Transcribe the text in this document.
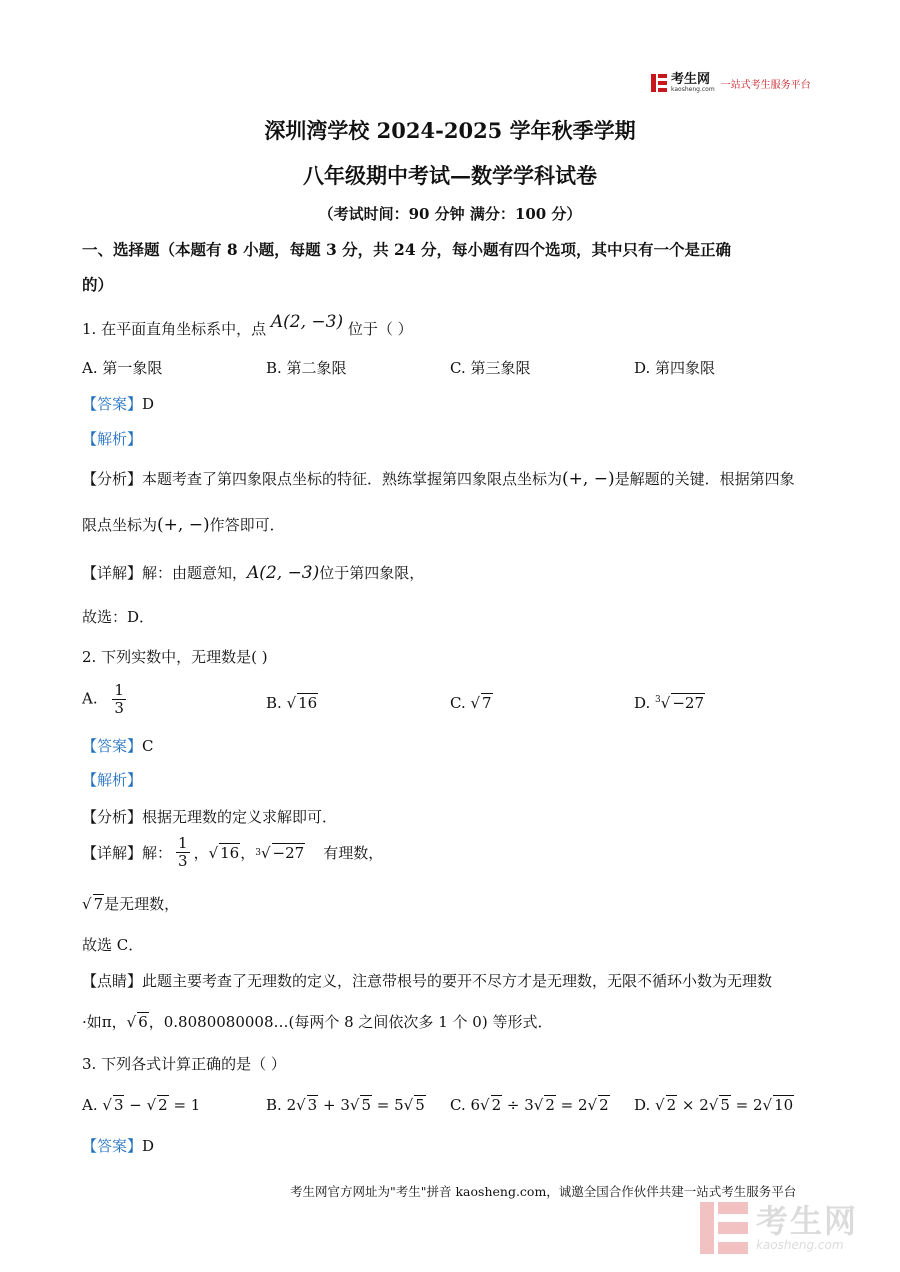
考生网
kaosheng.com 一站式考生服务平台
深圳湾学校 2024-2025 学年秋季学期
八年级期中考试—数学学科试卷
（考试时间：90 分钟 满分：100 分）
一、选择题（本题有 8 小题，每题 3 分，共 24 分，每小题有四个选项，其中只有一个是正确
的）
1. 在平面直角坐标系中，点 A(2, −3) 位于（ ）
A. 第一象限	B. 第二象限	C. 第三象限	D. 第四象限
【答案】D
【解析】
【分析】本题考查了第四象限点坐标的特征．熟练掌握第四象限点坐标为(+, −)是解题的关键．根据第四象
限点坐标为(+, −)作答即可．
【详解】解：由题意知，A(2, −3)位于第四象限，
故选：D．
2. 下列实数中，无理数是( )
A. $\frac{1}{3}$	B. √ 16	C. √ 7	D. $^3$√ −27
【答案】C
【解析】
【分析】根据无理数的定义求解即可．
【详解】 解： $\frac{1}{3}$ ，√ 16 ， 3 √ −27 有理数，
√ 7是无理数，
故选 C．
【点睛】此题主要考查了无理数的定义，注意带根号的要开不尽方才是无理数，无限不循环小数为无理数
·如π，√ 6，0.8080080008…(每两个 8 之间依次多 1 个 0) 等形式．
3. 下列各式计算正确的是（ ）
A. √ 3 − √ 2 = 1	B. 2√ 3 + 3√ 5 = 5√ 5 C. 6√ 2 ÷ 3√ 2 = 2√ 2 D. √ 2 × 2√ 5 = 2√ 10
【答案】D
考生网官方网址为"考生"拼音 kaosheng.com，诚邀全国合作伙伴共建一站式考生服务平台
考生网
kaosheng.com
